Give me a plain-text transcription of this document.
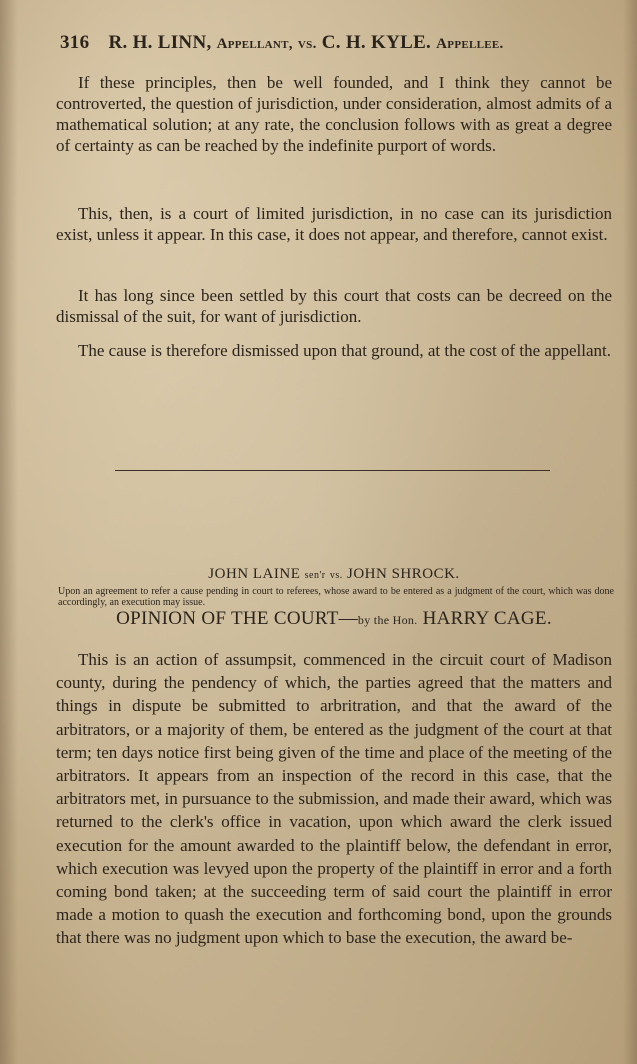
316 R. H. LINN, Appellant, vs. C. H. KYLE. Appellee.

If these principles, then be well founded, and I think they cannot be controverted, the question of jurisdiction, under consideration, almost admits of a mathematical solution; at any rate, the conclusion follows with as great a degree of certainty as can be reached by the indefinite purport of words.

This, then, is a court of limited jurisdiction, in no case can its jurisdiction exist, unless it appear. In this case, it does not appear, and therefore, cannot exist.

It has long since been settled by this court that costs can be decreed on the dismissal of the suit, for want of jurisdiction.

The cause is therefore dismissed upon that ground, at the cost of the appellant.

JOHN LAINE sen'r vs. JOHN SHROCK.

Upon an agreement to refer a cause pending in court to referees, whose award to be entered as a judgment of the court, which was done accordingly, an execution may issue.

OPINION OF THE COURT—by the Hon. HARRY CAGE.

This is an action of assumpsit, commenced in the circuit court of Madison county, during the pendency of which, the parties agreed that the matters and things in dispute be submitted to arbritration, and that the award of the arbitrators, or a majority of them, be entered as the judgment of the court at that term; ten days notice first being given of the time and place of the meeting of the arbitrators. It appears from an inspection of the record in this case, that the arbitrators met, in pursuance to the submission, and made their award, which was returned to the clerk's office in vacation, upon which award the clerk issued execution for the amount awarded to the plaintiff below, the defendant in error, which execution was levyed upon the property of the plaintiff in error and a forth coming bond taken; at the succeeding term of said court the plaintiff in error made a motion to quash the execution and forthcoming bond, upon the grounds that there was no judgment upon which to base the execution, the award be-
